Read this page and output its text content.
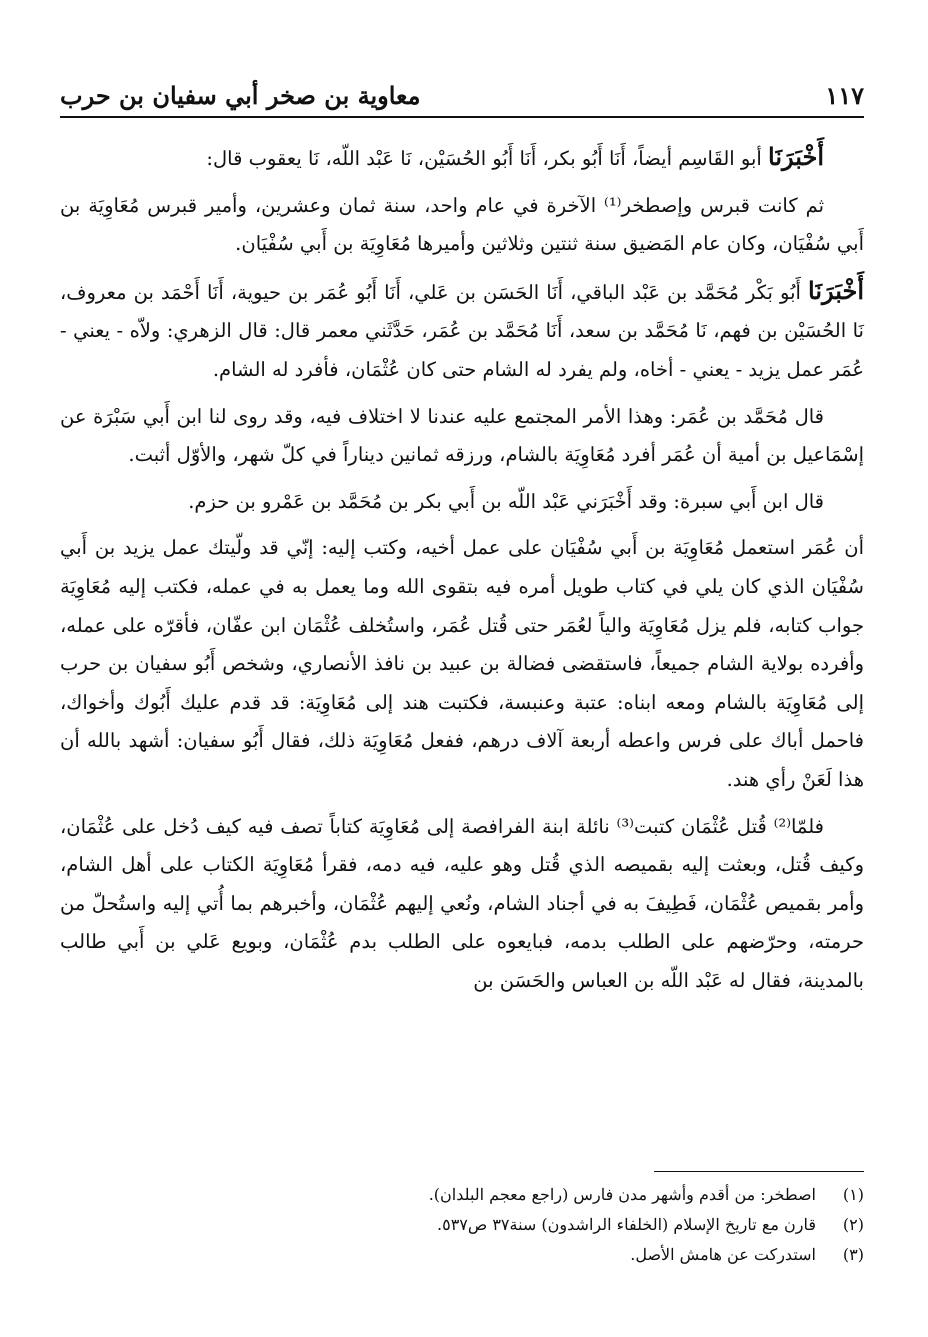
معاوية بن صخر أبي سفيان بن حرب	١١٧

أَخْبَرَنَا أبو القَاسِم أيضاً، أَنَا أَبُو بكر، أَنَا أَبُو الحُسَيْن، نَا عَبْد اللّه، نَا يعقوب قال:

ثم كانت قبرس وإصطخر⁽¹⁾ الآخرة في عام واحد، سنة ثمان وعشرين، وأمير قبرس مُعَاوِيَة بن أَبي سُفْيَان، وكان عام المَضيق سنة ثنتين وثلاثين وأميرها مُعَاوِيَة بن أَبي سُفْيَان.

أَخْبَرَنَا أَبُو بَكْر مُحَمَّد بن عَبْد الباقي، أَنَا الحَسَن بن عَلي، أَنَا أَبُو عُمَر بن حيوية، أَنَا أَحْمَد بن معروف، نَا الحُسَيْن بن فهم، نَا مُحَمَّد بن سعد، أَنَا مُحَمَّد بن عُمَر، حَدَّثَني معمر قال: قال الزهري: ولاّه - يعني - عُمَر عمل يزيد - يعني - أخاه، ولم يفرد له الشام حتى كان عُثْمَان، فأفرد له الشام.

قال مُحَمَّد بن عُمَر: وهذا الأمر المجتمع عليه عندنا لا اختلاف فيه، وقد روى لنا ابن أَبي سَبْرَة عن إسْمَاعيل بن أمية أن عُمَر أفرد مُعَاوِيَة بالشام، ورزقه ثمانين ديناراً في كلّ شهر، والأوّل أثبت.

قال ابن أَبي سبرة: وقد أَخْبَرَني عَبْد اللّه بن أَبي بكر بن مُحَمَّد بن عَمْرو بن حزم.

أن عُمَر استعمل مُعَاوِيَة بن أَبي سُفْيَان على عمل أخيه، وكتب إليه: إنّي قد ولّيتك عمل يزيد بن أَبي سُفْيَان الذي كان يلي في كتاب طويل أمره فيه بتقوى الله وما يعمل به في عمله، فكتب إليه مُعَاوِيَة جواب كتابه، فلم يزل مُعَاوِيَة والياً لعُمَر حتى قُتل عُمَر، واستُخلف عُثْمَان ابن عفّان، فأقرّه على عمله، وأفرده بولاية الشام جميعاً، فاستقضى فضالة بن عبيد بن نافذ الأنصاري، وشخص أَبُو سفيان بن حرب إلى مُعَاوِيَة بالشام ومعه ابناه: عتبة وعنبسة، فكتبت هند إلى مُعَاوِيَة: قد قدم عليك أَبُوك وأخواك، فاحمل أباك على فرس واعطه أربعة آلاف درهم، ففعل مُعَاوِيَة ذلك، فقال أَبُو سفيان: أشهد بالله أن هذا لَعَنْ رأي هند.

فلمّا⁽²⁾ قُتل عُثْمَان كتبت⁽³⁾ نائلة ابنة الفرافصة إلى مُعَاوِيَة كتاباً تصف فيه كيف دُخل على عُثْمَان، وكيف قُتل، وبعثت إليه بقميصه الذي قُتل وهو عليه، فيه دمه، فقرأ مُعَاوِيَة الكتاب على أهل الشام، وأمر بقميص عُثْمَان، فَطِيفَ به في أجناد الشام، ونُعي إليهم عُثْمَان، وأخبرهم بما أُتي إليه واستُحلّ من حرمته، وحرّضهم على الطلب بدمه، فبايعوه على الطلب بدم عُثْمَان، وبويع عَلي بن أَبي طالب بالمدينة، فقال له عَبْد اللّه بن العباس والحَسَن بن

(١)
اصطخر: من أقدم وأشهر مدن فارس (راجع معجم البلدان).
(٢)
قارن مع تاريخ الإسلام (الخلفاء الراشدون) سنة٣٧ ص٥٣٧.
(٣)
استدركت عن هامش الأصل.
